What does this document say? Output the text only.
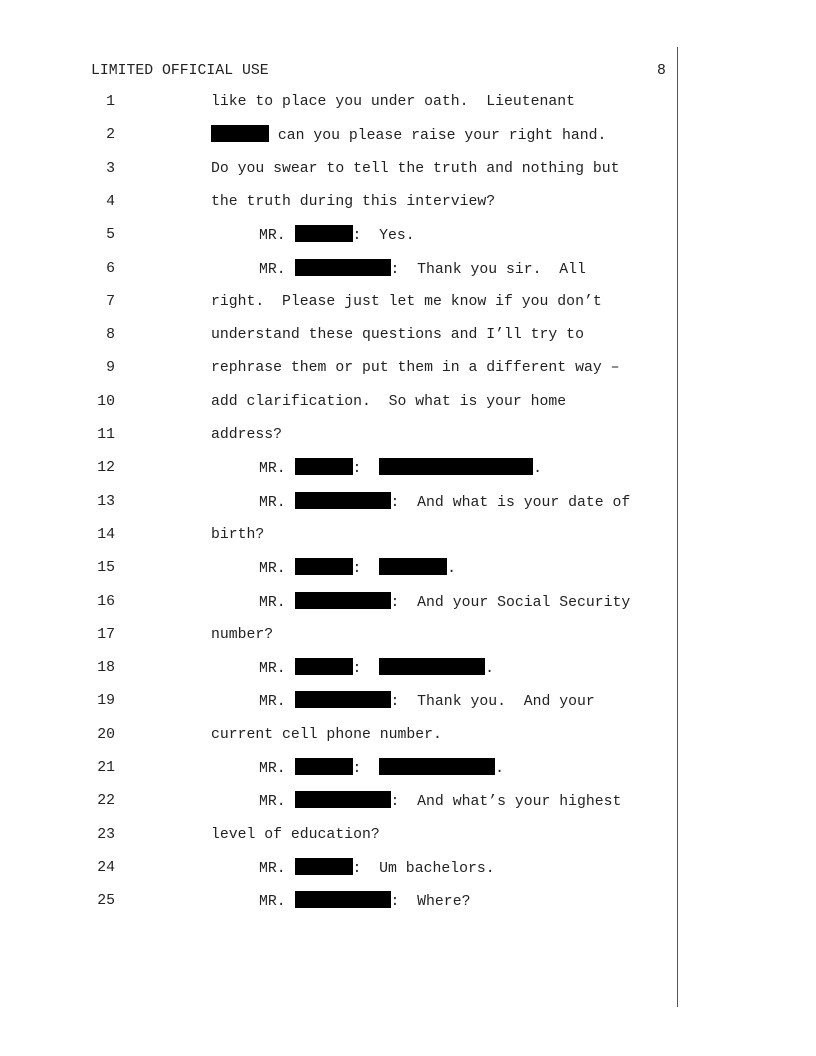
LIMITED OFFICIAL USE	8
1	like to place you under oath.  Lieutenant
2	can you please raise your right hand.
3	Do you swear to tell the truth and nothing but
4	the truth during this interview?
5	MR.	:  Yes.
6	MR.	:  Thank you sir.  All
7	right.  Please just let me know if you don’t
8	understand these questions and I’ll try to
9	rephrase them or put them in a different way –
10	add clarification.  So what is your home
11	address?
12	MR.	:	.
13	MR.	:  And what is your date of
14	birth?
15	MR.	:	.
16	MR.	:  And your Social Security
17	number?
18	MR.	:	.
19	MR.	:  Thank you.  And your
20	current cell phone number.
21	MR.	:	.
22	MR.	:  And what’s your highest
23	level of education?
24	MR.	:  Um bachelors.
25	MR.	:  Where?
